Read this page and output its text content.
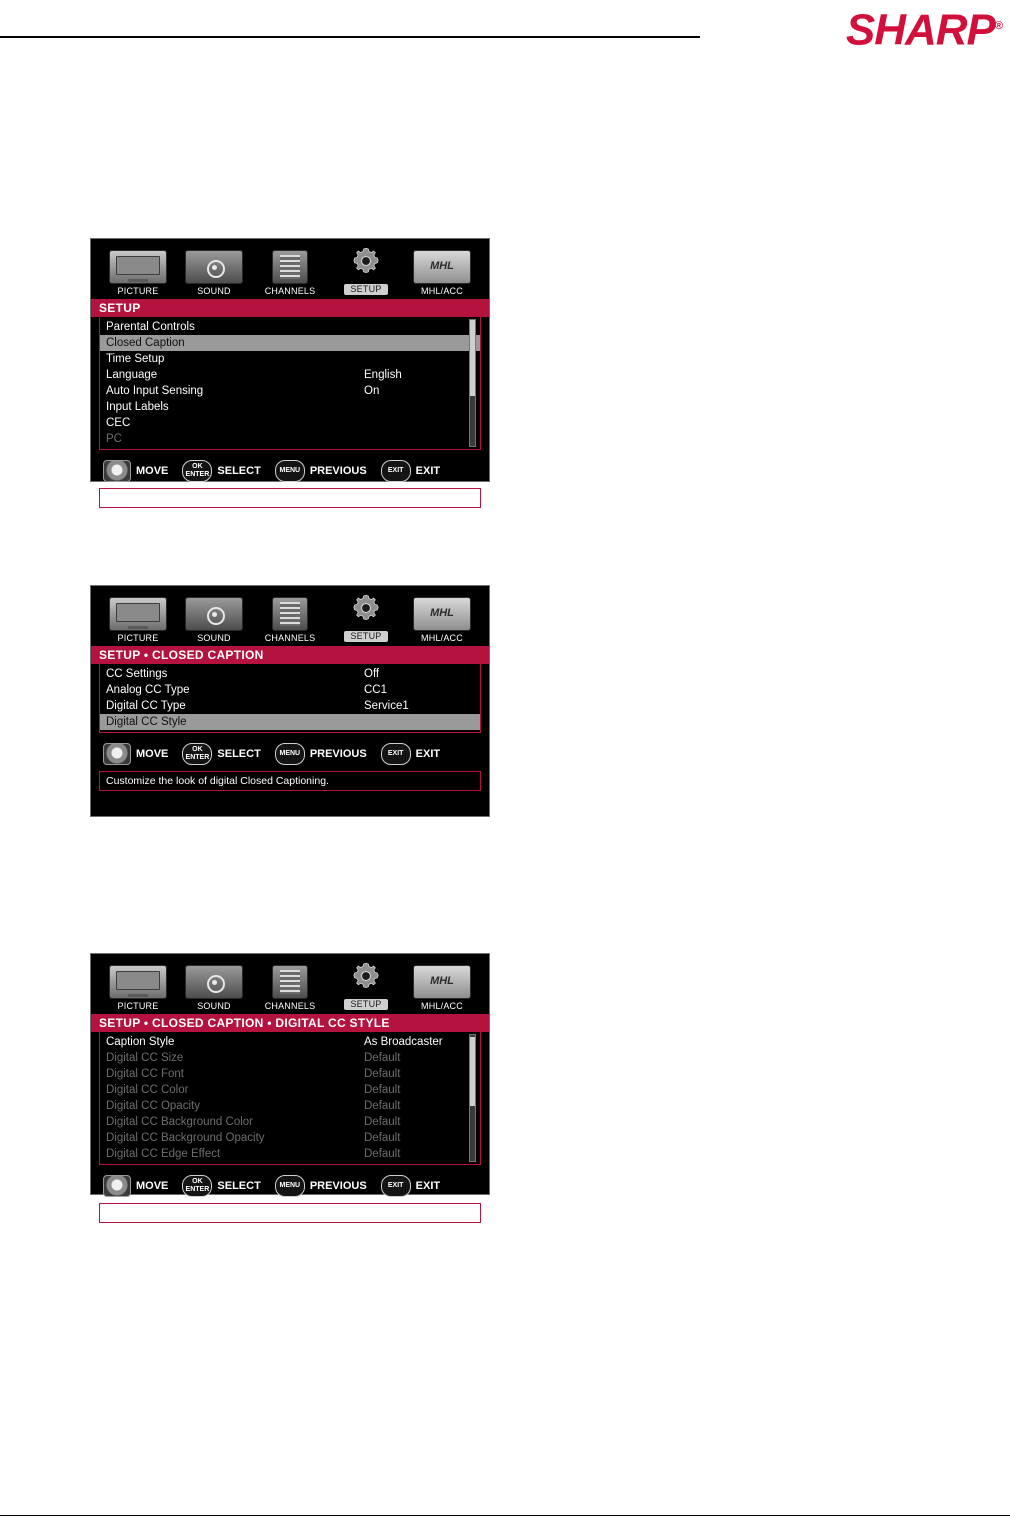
SHARP®
PICTURE	SOUND	CHANNELS	SETUP
MHL	MHL/ACC
SETUP
Parental Controls
Closed Caption
Time Setup
Language	English
Auto Input Sensing	On
Input Labels
CEC
PC
MOVE	OK
ENTER SELECT	MENU PREVIOUS	EXIT EXIT
Adjust Closed Captioning settings.
PICTURE	SOUND	CHANNELS	SETUP
MHL	MHL/ACC
SETUP • CLOSED CAPTION
CC Settings	Off
Analog CC Type	CC1
Digital CC Type	Service1
Digital CC Style
MOVE	OK
ENTER SELECT	MENU PREVIOUS	EXIT EXIT
Customize the look of digital Closed Captioning.
PICTURE	SOUND	CHANNELS	SETUP
MHL	MHL/ACC
SETUP • CLOSED CAPTION • DIGITAL CC STYLE
Caption Style	As Broadcaster
Digital CC Size	Default
Digital CC Font	Default
Digital CC Color	Default
Digital CC Opacity	Default
Digital CC Background Color	Default
Digital CC Background Opacity	Default
Digital CC Edge Effect	Default
MOVE	OK
ENTER SELECT	MENU PREVIOUS	EXIT EXIT
Set the look of Digital CC.
